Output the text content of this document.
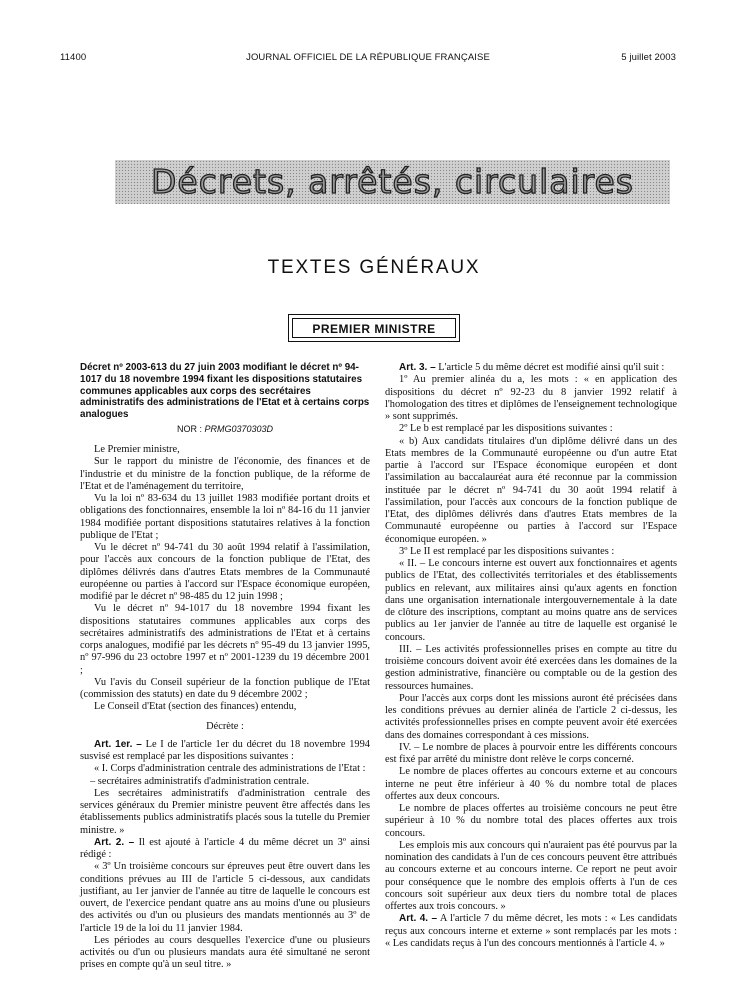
11400	JOURNAL OFFICIEL DE LA RÉPUBLIQUE FRANÇAISE	5 juillet 2003
Décrets, arrêtés, circulaires
TEXTES GÉNÉRAUX
PREMIER MINISTRE
Décret nº 2003-613 du 27 juin 2003 modifiant le décret nº 94-1017 du 18 novembre 1994 fixant les dispositions statutaires communes applicables aux corps des secrétaires administratifs des administrations de l'Etat et à certains corps analogues
NOR : PRMG0370303D

Le Premier ministre,

Sur le rapport du ministre de l'économie, des finances et de l'industrie et du ministre de la fonction publique, de la réforme de l'Etat et de l'aménagement du territoire,

Vu la loi nº 83-634 du 13 juillet 1983 modifiée portant droits et obligations des fonctionnaires, ensemble la loi nº 84-16 du 11 janvier 1984 modifiée portant dispositions statutaires relatives à la fonction publique de l'Etat ;

Vu le décret nº 94-741 du 30 août 1994 relatif à l'assimilation, pour l'accès aux concours de la fonction publique de l'Etat, des diplômes délivrés dans d'autres Etats membres de la Communauté européenne ou parties à l'accord sur l'Espace économique européen, modifié par le décret nº 98-485 du 12 juin 1998 ;

Vu le décret nº 94-1017 du 18 novembre 1994 fixant les dispositions statutaires communes applicables aux corps des secrétaires administratifs des administrations de l'Etat et à certains corps analogues, modifié par les décrets nº 95-49 du 13 janvier 1995, nº 97-996 du 23 octobre 1997 et nº 2001-1239 du 19 décembre 2001 ;

Vu l'avis du Conseil supérieur de la fonction publique de l'Etat (commission des statuts) en date du 9 décembre 2002 ;

Le Conseil d'Etat (section des finances) entendu,

Décrète :

Art. 1er. – Le I de l'article 1er du décret du 18 novembre 1994 susvisé est remplacé par les dispositions suivantes :

« I. Corps d'administration centrale des administrations de l'Etat :

– secrétaires administratifs d'administration centrale.

Les secrétaires administratifs d'administration centrale des services généraux du Premier ministre peuvent être affectés dans les établissements publics administratifs placés sous la tutelle du Premier ministre. »

Art. 2. – Il est ajouté à l'article 4 du même décret un 3º ainsi rédigé :

« 3º Un troisième concours sur épreuves peut être ouvert dans les conditions prévues au III de l'article 5 ci-dessous, aux candidats justifiant, au 1er janvier de l'année au titre de laquelle le concours est ouvert, de l'exercice pendant quatre ans au moins d'une ou plusieurs des activités ou d'un ou plusieurs des mandats mentionnés au 3º de l'article 19 de la loi du 11 janvier 1984.

Les périodes au cours desquelles l'exercice d'une ou plusieurs activités ou d'un ou plusieurs mandats aura été simultané ne seront prises en compte qu'à un seul titre. »

Art. 3. – L'article 5 du même décret est modifié ainsi qu'il suit :

1º Au premier alinéa du a, les mots : « en application des dispositions du décret nº 92-23 du 8 janvier 1992 relatif à l'homologation des titres et diplômes de l'enseignement technologique » sont supprimés.

2º Le b est remplacé par les dispositions suivantes :

« b) Aux candidats titulaires d'un diplôme délivré dans un des Etats membres de la Communauté européenne ou d'un autre Etat partie à l'accord sur l'Espace économique européen et dont l'assimilation au baccalauréat aura été reconnue par la commission instituée par le décret nº 94-741 du 30 août 1994 relatif à l'assimilation, pour l'accès aux concours de la fonction publique de l'Etat, des diplômes délivrés dans d'autres Etats membres de la Communauté européenne ou parties à l'accord sur l'Espace économique européen. »

3º Le II est remplacé par les dispositions suivantes :

« II. – Le concours interne est ouvert aux fonctionnaires et agents publics de l'Etat, des collectivités territoriales et des établissements publics en relevant, aux militaires ainsi qu'aux agents en fonction dans une organisation internationale intergouvernementale à la date de clôture des inscriptions, comptant au moins quatre ans de services publics au 1er janvier de l'année au titre de laquelle est organisé le concours.

III. – Les activités professionnelles prises en compte au titre du troisième concours doivent avoir été exercées dans les domaines de la gestion administrative, financière ou comptable ou de la gestion des ressources humaines.

Pour l'accès aux corps dont les missions auront été précisées dans les conditions prévues au dernier alinéa de l'article 2 ci-dessus, les activités professionnelles prises en compte peuvent avoir été exercées dans des domaines correspondant à ces missions.

IV. – Le nombre de places à pourvoir entre les différents concours est fixé par arrêté du ministre dont relève le corps concerné.

Le nombre de places offertes au concours externe et au concours interne ne peut être inférieur à 40 % du nombre total de places offertes aux deux concours.

Le nombre de places offertes au troisième concours ne peut être supérieur à 10 % du nombre total des places offertes aux trois concours.

Les emplois mis aux concours qui n'auraient pas été pourvus par la nomination des candidats à l'un de ces concours peuvent être attribués au concours externe et au concours interne. Ce report ne peut avoir pour conséquence que le nombre des emplois offerts à l'un de ces concours soit supérieur aux deux tiers du nombre total de places offertes aux trois concours. »

Art. 4. – A l'article 7 du même décret, les mots : « Les candidats reçus aux concours interne et externe » sont remplacés par les mots : « Les candidats reçus à l'un des concours mentionnés à l'article 4. »
